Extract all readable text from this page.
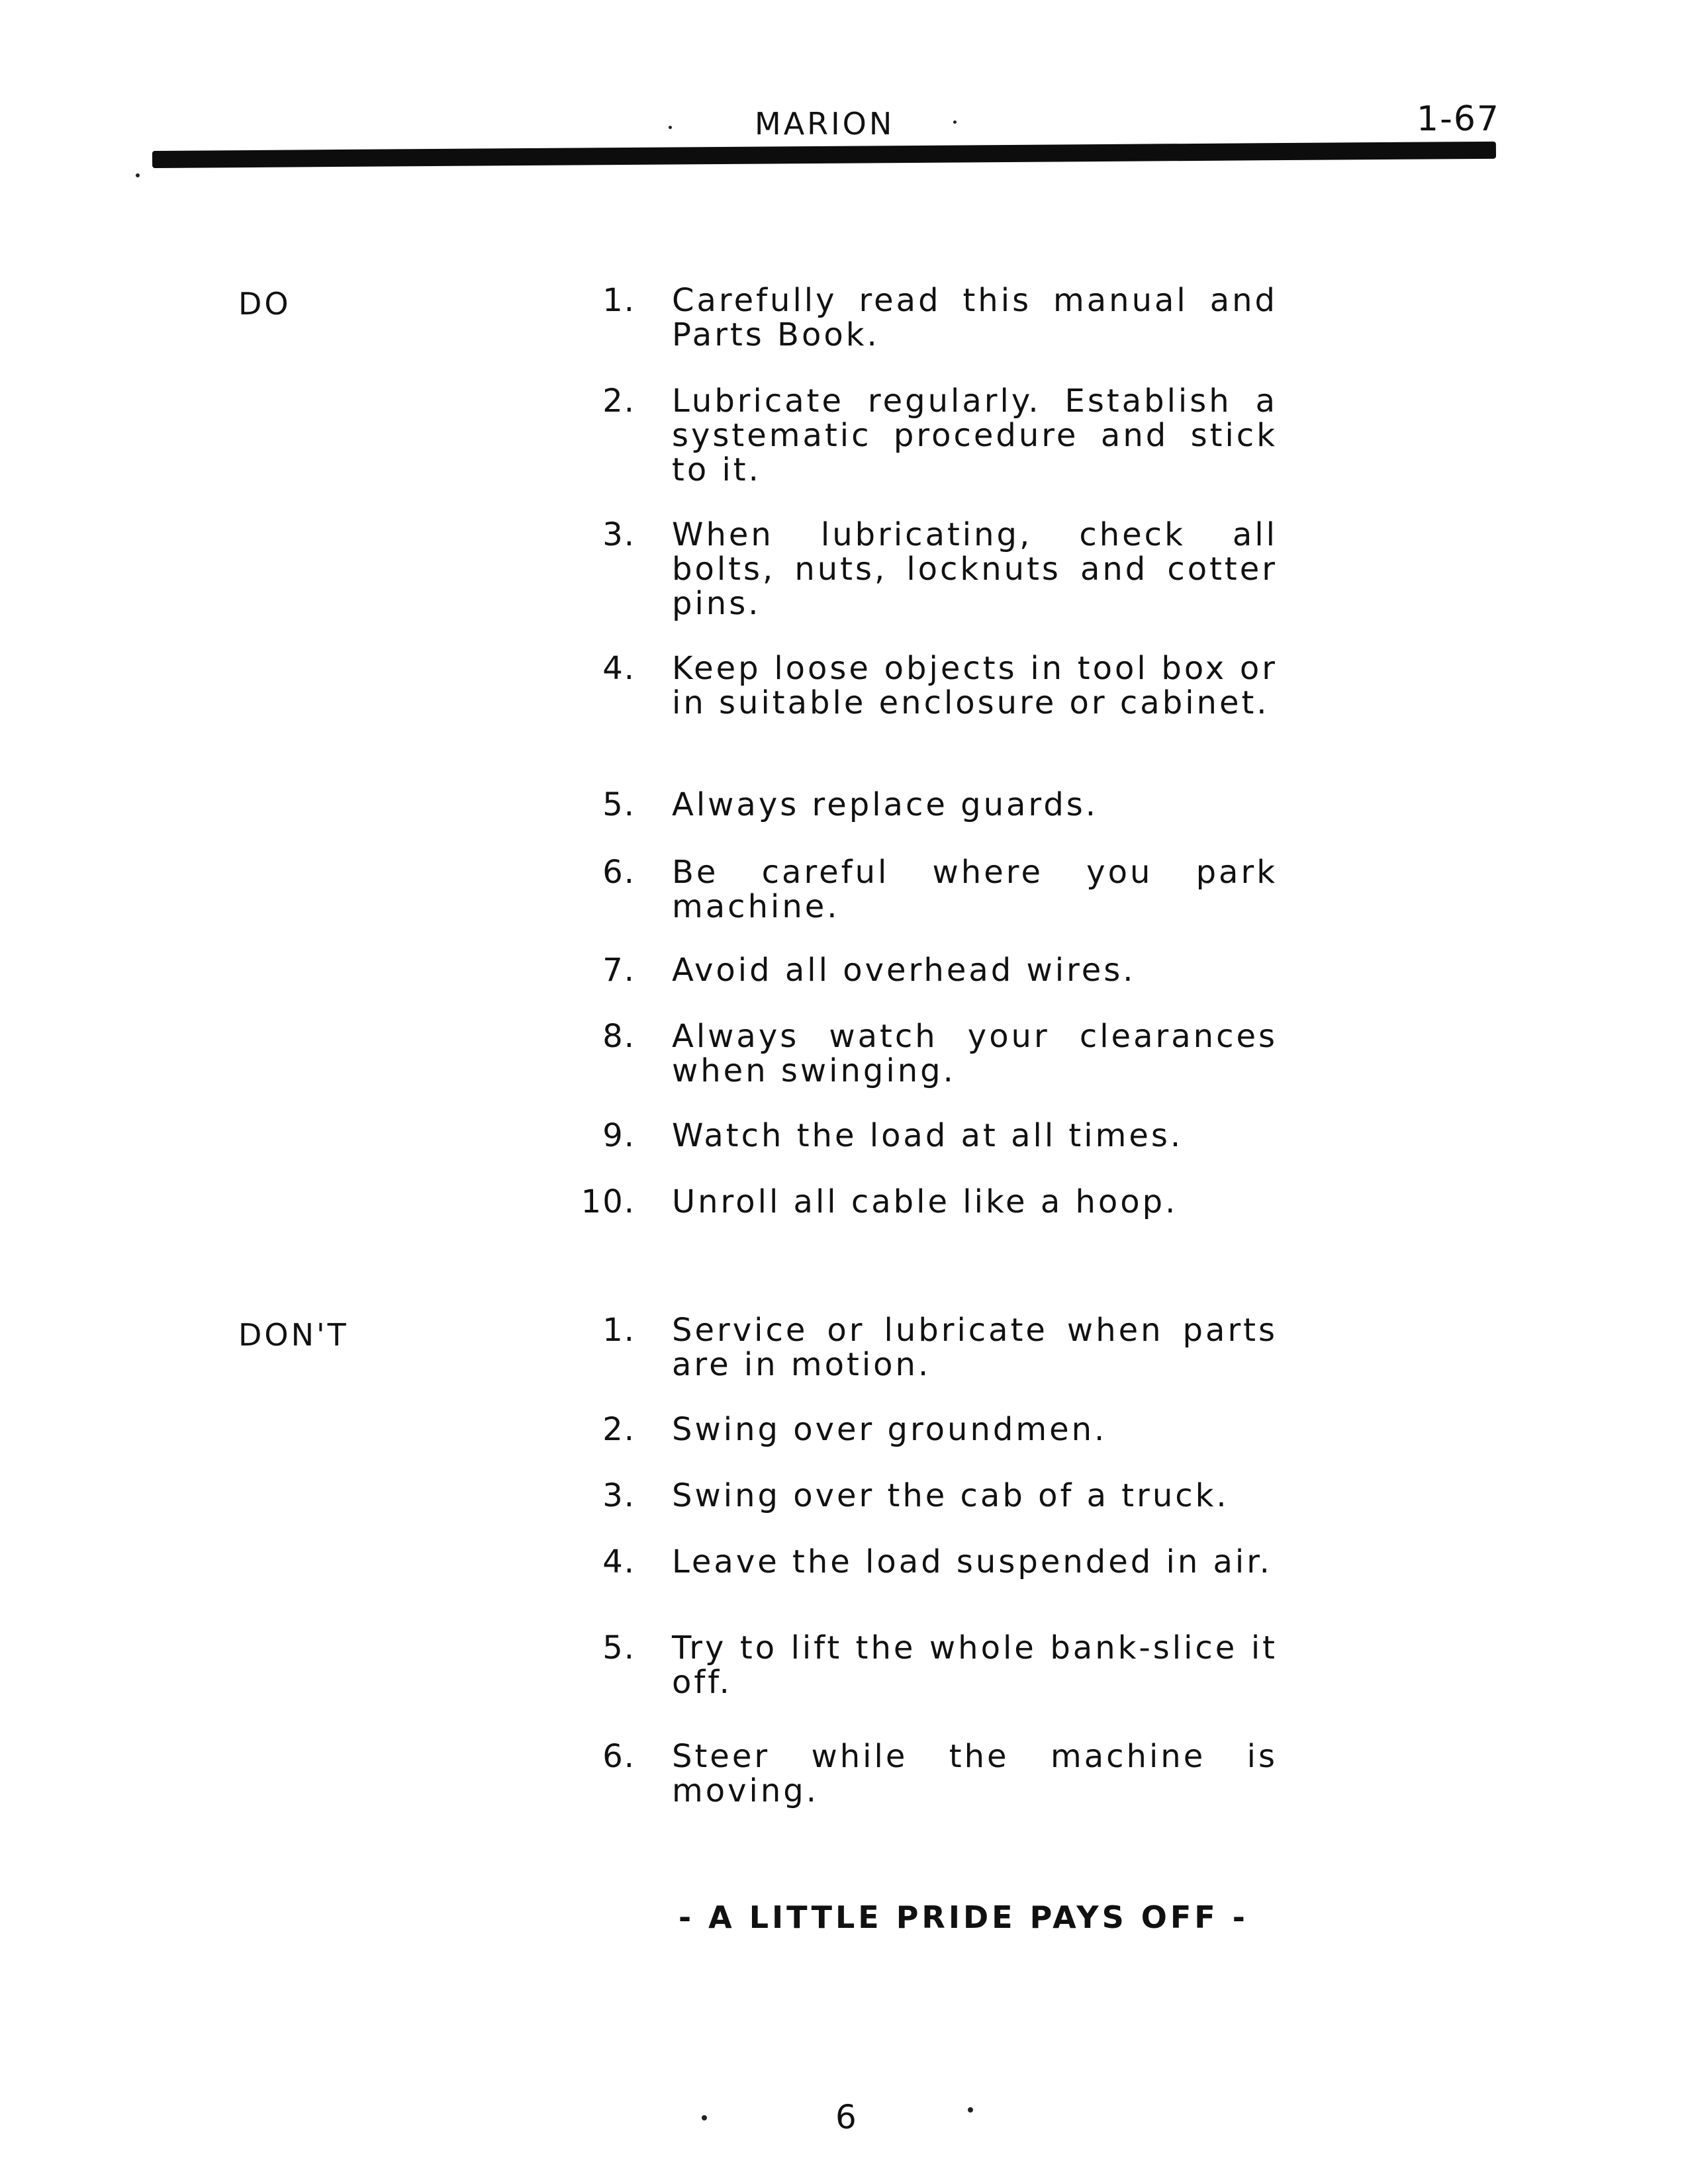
MARION	1-67
DO	1. Carefully read this manual and Parts Book.
2. Lubricate regularly. Establish a systematic procedure and stick to it.
3. When lubricating, check all bolts, nuts, locknuts and cotter pins.
4. Keep loose objects in tool box or in suitable enclosure or cabinet.
5. Always replace guards.
6. Be careful where you park machine.
7. Avoid all overhead wires.
8. Always watch your clearances when swinging.
9. Watch the load at all times.
10. Unroll all cable like a hoop.
DON'T	1. Service or lubricate when parts are in motion.
2. Swing over groundmen.
3. Swing over the cab of a truck.
4. Leave the load suspended in air.
5. Try to lift the whole bank-slice it off.
6. Steer while the machine is moving.
- A LITTLE PRIDE PAYS OFF -
6
